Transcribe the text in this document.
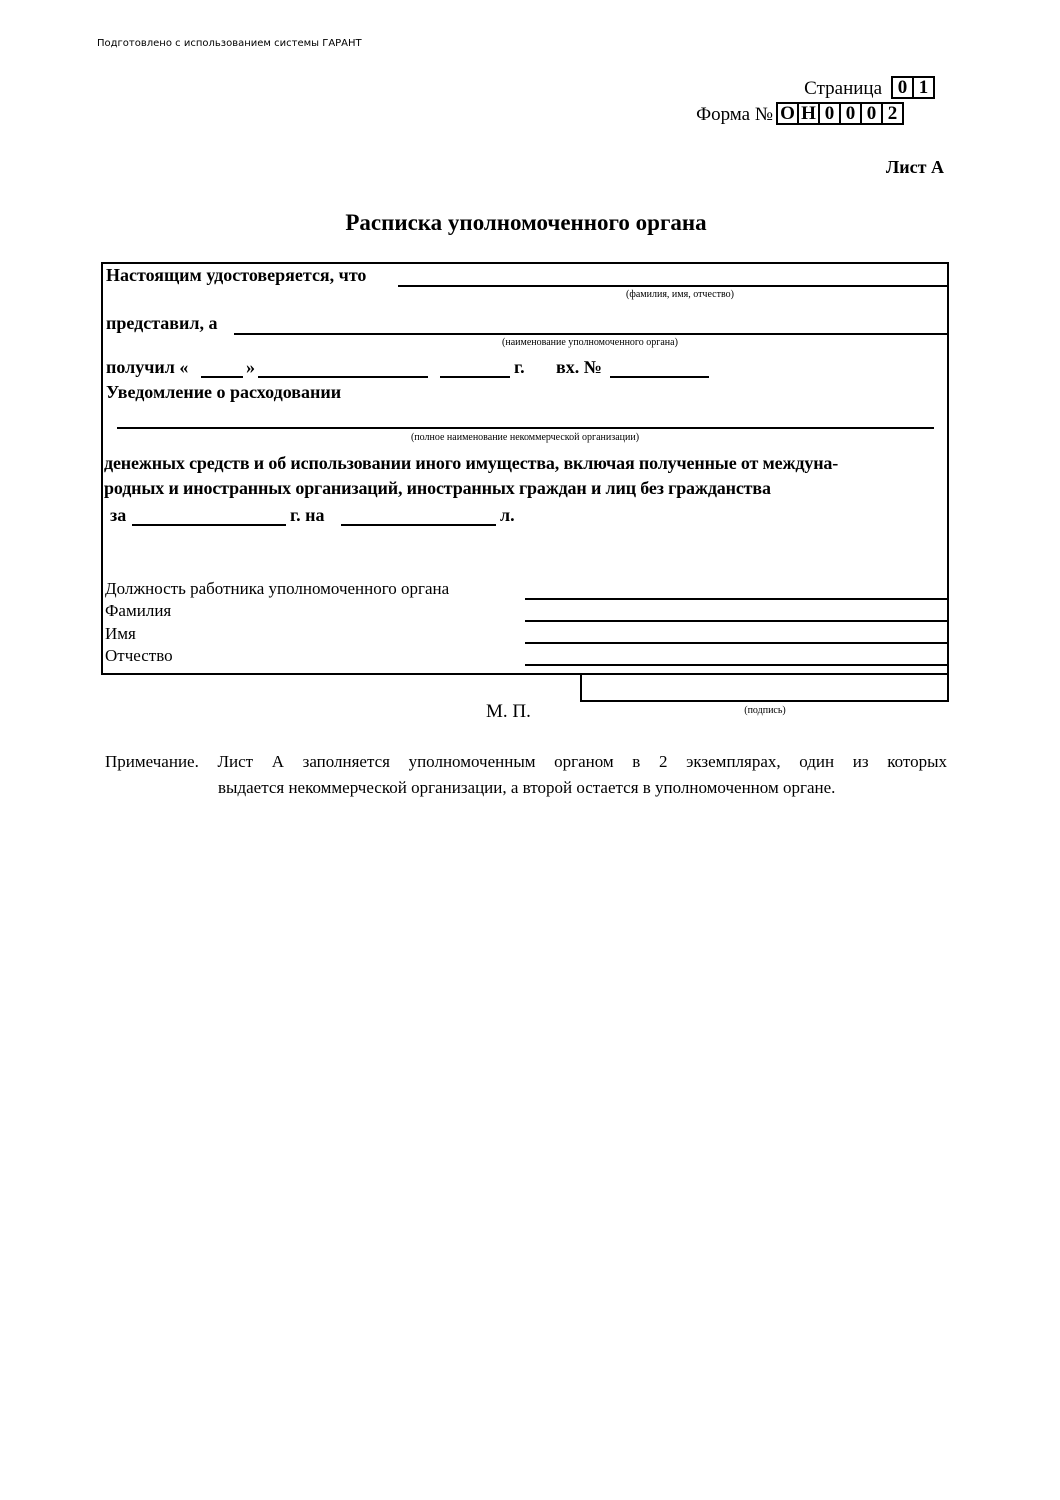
Подготовлено с использованием системы ГАРАНТ
Страница 0 1
Форма № О Н 0 0 0 2
Лист А
Расписка уполномоченного органа
Настоящим удостоверяется, что
(фамилия, имя, отчество)
представил, а
(наименование уполномоченного органа)
получил «	»	г. вх. №
Уведомление о расходовании
(полное наименование некоммерческой организации)
денежных средств и об использовании иного имущества, включая полученные от междуна-
родных и иностранных организаций, иностранных граждан и лиц без гражданства
за	г. на	л.
Должность работника уполномоченного органа
Фамилия
Имя
Отчество
(подпись)
М. П.
Примечание. Лист А заполняется уполномоченным органом в 2 экземплярах, один из которых
выдается некоммерческой организации, а второй остается в уполномоченном органе.
